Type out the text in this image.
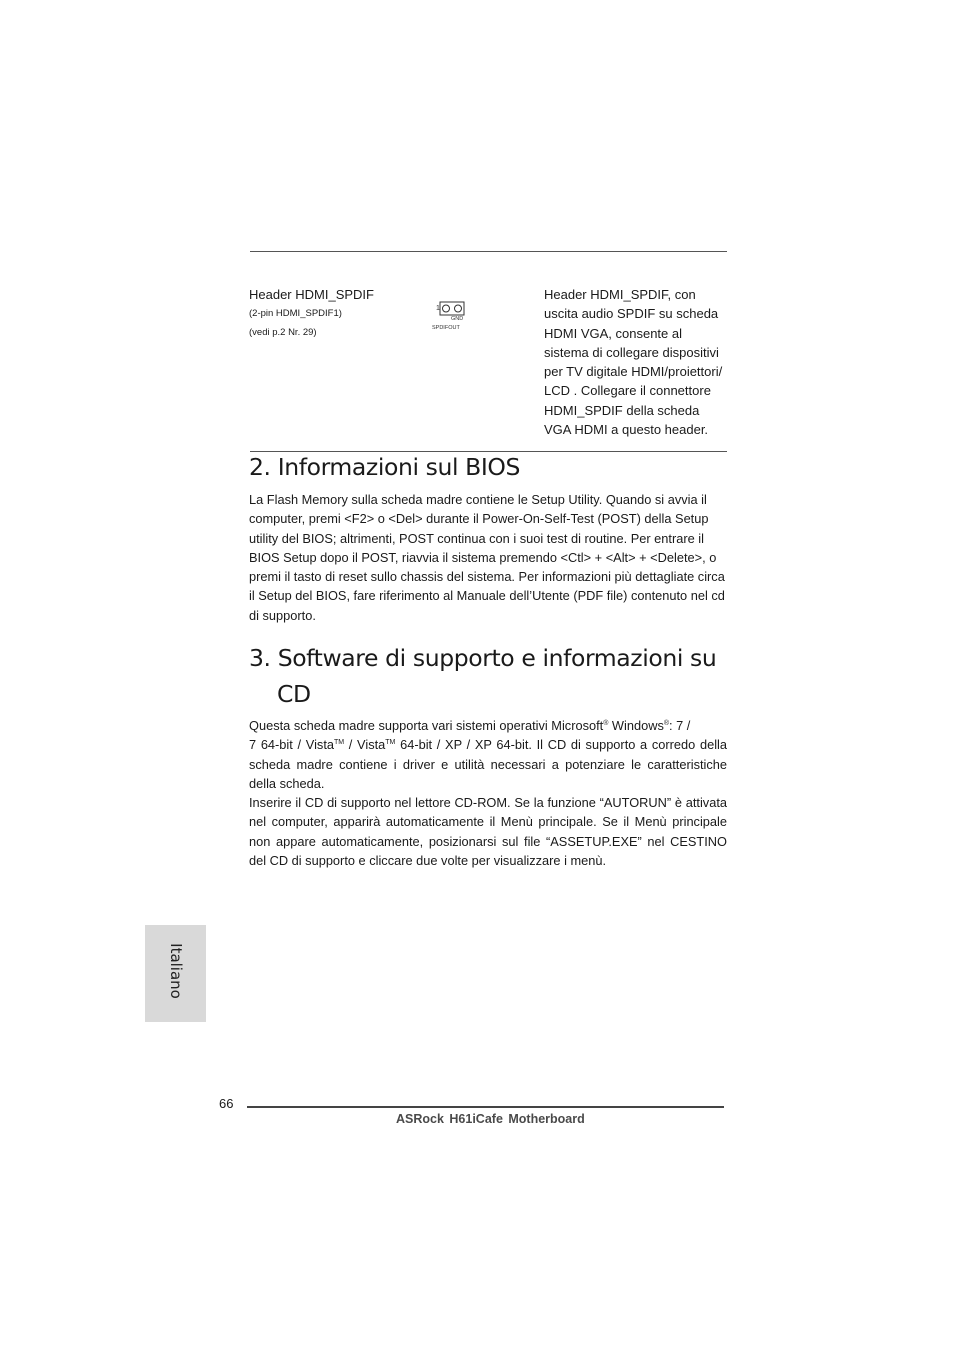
Header HDMI_SPDIF
(2-pin HDMI_SPDIF1)
(vedi p.2 Nr. 29)
1
GND
SPDIFOUT
Header HDMI_SPDIF, con
uscita audio SPDIF su scheda
HDMI VGA, consente al
sistema di collegare dispositivi
per TV digitale HDMI/proiettori/
LCD . Collegare il connettore
HDMI_SPDIF della scheda
VGA HDMI a questo header.
2. Informazioni sul BIOS
La Flash Memory sulla scheda madre contiene le Setup Utility. Quando si avvia il
computer, premi <F2> o <Del> durante il Power-On-Self-Test (POST) della Setup
utility del BIOS; altrimenti, POST continua con i suoi test di routine. Per entrare il
BIOS Setup dopo il POST, riavvia il sistema premendo <Ctl> + <Alt> + <Delete>, o
premi il tasto di reset sullo chassis del sistema. Per informazioni più dettagliate circa
il Setup del BIOS, fare riferimento al Manuale dell’Utente (PDF file) contenuto nel cd
di supporto.
3. Software di supporto e informazioni su
CD

Questa scheda madre supporta vari sistemi operativi Microsoft® Windows®: 7 /
7 64-bit / Vista™ / Vista™ 64-bit / XP / XP 64-bit. Il CD di supporto a corredo della scheda madre contiene i driver e utilità necessari a potenziare le caratteristiche della scheda.

Inserire il CD di supporto nel lettore CD-ROM. Se la funzione “AUTORUN” è attivata nel computer, apparirà automaticamente il Menù principale. Se il Menù principale non appare automaticamente, posizionarsi sul file “ASSETUP.EXE” nel CESTINO del CD di supporto e cliccare due volte per visualizzare i menù.

Italiano
66
ASRock H61iCafe Motherboard
